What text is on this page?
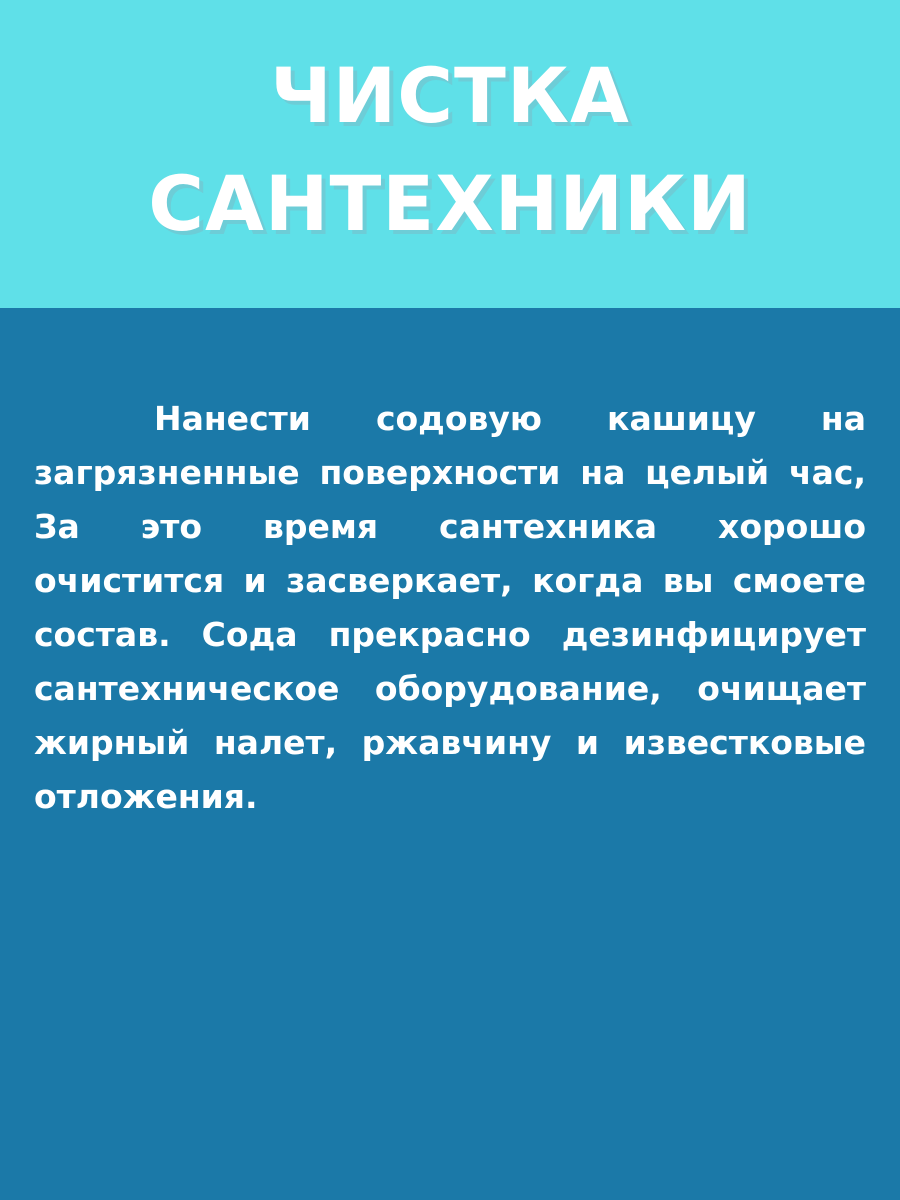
ЧИСТКА
САНТЕХНИКИ

Нанести содовую кашицу на загрязненные поверхности на целый час, За это время сантехника хорошо очистится и засверкает, когда вы смоете состав. Сода прекрасно дезинфицирует сантехническое оборудование, очищает жирный налет, ржавчину и известковые отложения.
